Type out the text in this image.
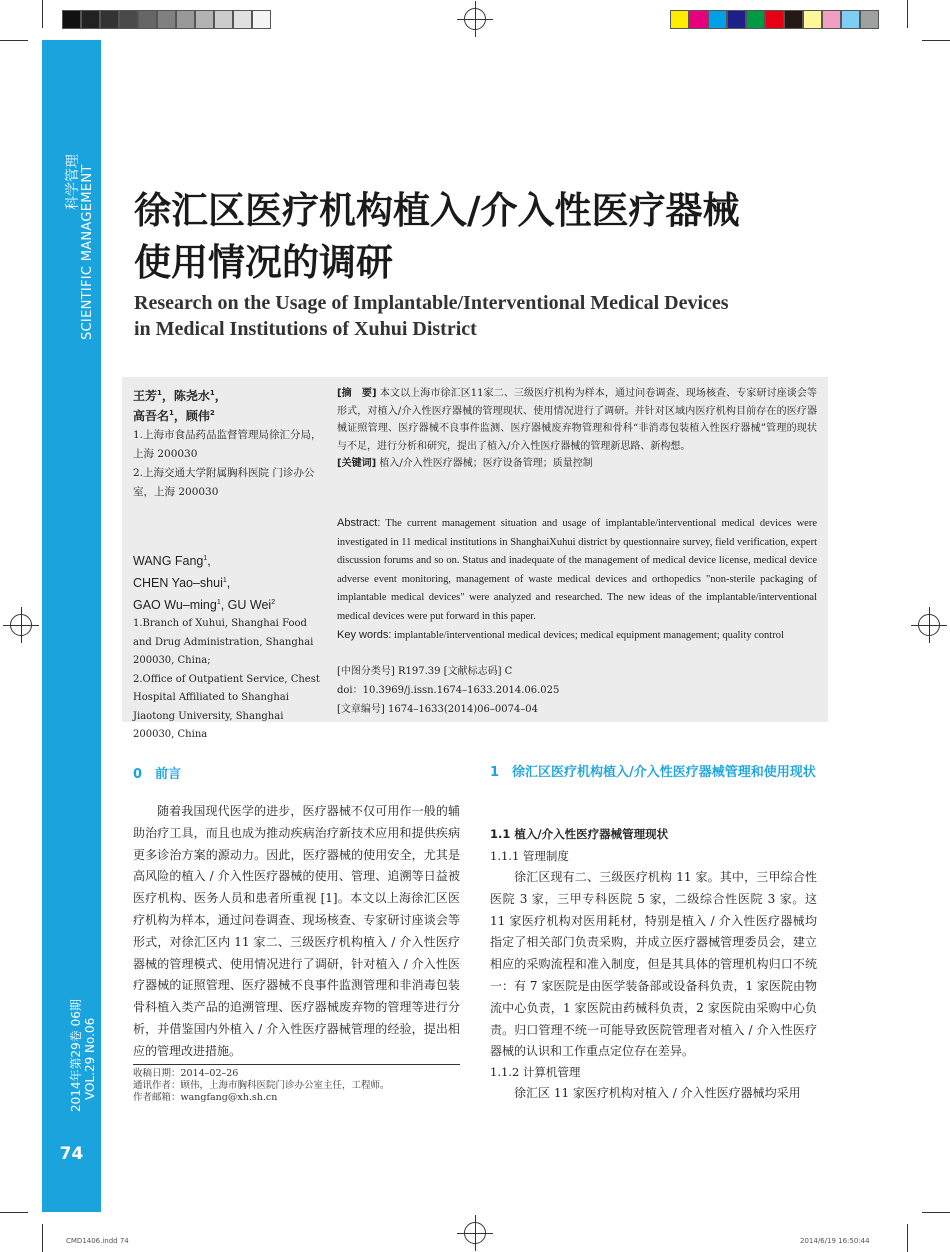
科学管理 SCIENTIFIC MANAGEMENT
2014年第29卷 06期 VOL.29 No.06
74
徐汇区医疗机构植入/介入性医疗器械
使用情况的调研
Research on the Usage of Implantable/Interventional Medical Devices
in Medical Institutions of Xuhui District
王芳$^1$，陈尧水$^1$，
高吾名$^1$，顾伟$^2$
1.上海市食品药品监督管理局徐汇分局，上海 200030
2.上海交通大学附属胸科医院 门诊办公室，上海 200030
WANG Fang$^1$,
CHEN Yao–shui$^1$,
GAO Wu–ming$^1$, GU Wei$^2$
1.Branch of Xuhui, Shanghai Food and Drug Administration, Shanghai 200030, China;
2.Office of Outpatient Service, Chest Hospital Affiliated to Shanghai Jiaotong University, Shanghai 200030, China
[摘　要] 本文以上海市徐汇区11家二、三级医疗机构为样本，通过问卷调查、现场核查、专家研讨座谈会等形式，对植入/介入性医疗器械的管理现状、使用情况进行了调研。并针对区域内医疗机构目前存在的医疗器械证照管理、医疗器械不良事件监测、医疗器械废弃物管理和骨科“非消毒包装植入性医疗器械”管理的现状与不足，进行分析和研究，提出了植入/介入性医疗器械的管理新思路、新构想。
[关键词] 植入/介入性医疗器械；医疗设备管理；质量控制
Abstract: The current management situation and usage of implantable/interventional medical devices were investigated in 11 medical institutions in ShanghaiXuhui district by questionnaire survey, field verification, expert discussion forums and so on. Status and inadequate of the management of medical device license, medical device adverse event monitoring, management of waste medical devices and orthopedics "non-sterile packaging of implantable medical devices" were analyzed and researched. The new ideas of the implantable/interventional medical devices were put forward in this paper.
Key words: implantable/interventional medical devices; medical equipment management; quality control
[中图分类号] R197.39 [文献标志码] C
doi：10.3969/j.issn.1674–1633.2014.06.025
[文章编号] 1674–1633(2014)06–0074–04
0　前言
随着我国现代医学的进步，医疗器械不仅可用作一般的辅助治疗工具，而且也成为推动疾病治疗新技术应用和提供疾病更多诊治方案的源动力。因此，医疗器械的使用安全，尤其是高风险的植入 / 介入性医疗器械的使用、管理、追溯等日益被医疗机构、医务人员和患者所重视 [1]。本文以上海徐汇区医疗机构为样本，通过问卷调查、现场核查、专家研讨座谈会等形式，对徐汇区内 11 家二、三级医疗机构植入 / 介入性医疗器械的管理模式、使用情况进行了调研，针对植入 / 介入性医疗器械的证照管理、医疗器械不良事件监测管理和非消毒包装骨科植入类产品的追溯管理、医疗器械废弃物的管理等进行分析，并借鉴国内外植入 / 介入性医疗器械管理的经验，提出相应的管理改进措施。
收稿日期：2014–02–26
通讯作者：顾伟，上海市胸科医院门诊办公室主任，工程师。
作者邮箱：wangfang@xh.sh.cn
1　徐汇区医疗机构植入/介入性医疗器械管理和使用现状
1.1 植入/介入性医疗器械管理现状
1.1.1 管理制度
徐汇区现有二、三级医疗机构 11 家。其中，三甲综合性医院 3 家，三甲专科医院 5 家，二级综合性医院 3 家。这 11 家医疗机构对医用耗材，特别是植入 / 介入性医疗器械均指定了相关部门负责采购，并成立医疗器械管理委员会，建立相应的采购流程和准入制度，但是其具体的管理机构归口不统一：有 7 家医院是由医学装备部或设备科负责，1 家医院由物流中心负责，1 家医院由药械科负责，2 家医院由采购中心负责。归口管理不统一可能导致医院管理者对植入 / 介入性医疗器械的认识和工作重点定位存在差异。
1.1.2 计算机管理
徐汇区 11 家医疗机构对植入 / 介入性医疗器械均采用
CMD1406.indd 74	2014/6/19 16:50:44
